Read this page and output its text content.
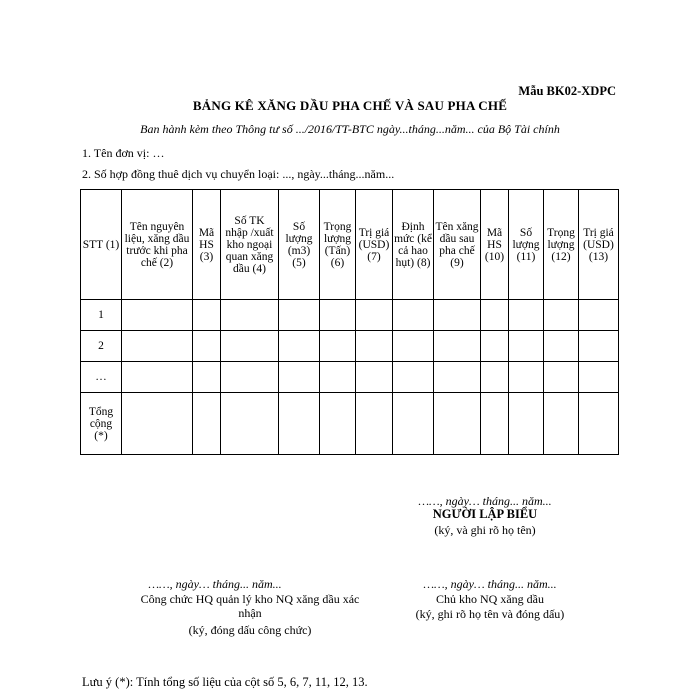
Mẫu BK02-XDPC
BẢNG KÊ XĂNG DẦU PHA CHẾ VÀ SAU PHA CHẾ
Ban hành kèm theo Thông tư số .../2016/TT-BTC ngày...tháng...năm... của Bộ Tài chính
1. Tên đơn vị: …
2. Số hợp đồng thuê dịch vụ chuyển loại: ..., ngày...tháng...năm...
STT (1)	Tên nguyên liệu, xăng dầu trước khi pha chế (2)	Mã HS (3)	Số TK nhập /xuất kho ngoại quan xăng dầu (4)	Số lượng (m3) (5)	Trọng lượng (Tấn) (6)	Trị giá (USD) (7)	Định mức (kể cả hao hụt) (8)	Tên xăng dầu sau pha chế (9)	Mã HS (10)	Số lượng (11)	Trọng lượng (12)	Trị giá (USD) (13)
1												
2												
…												
Tổng cộng (*)												
……, ngày… tháng... năm...
NGƯỜI LẬP BIỂU
(ký, và ghi rõ họ tên)
……, ngày… tháng... năm...
Công chức HQ quản lý kho NQ xăng dầu xác nhận
(ký, đóng dấu công chức)
……, ngày… tháng... năm...
Chủ kho NQ xăng dầu
(ký, ghi rõ họ tên và đóng dấu)
Lưu ý (*): Tính tổng số liệu của cột số 5, 6, 7, 11, 12, 13.
